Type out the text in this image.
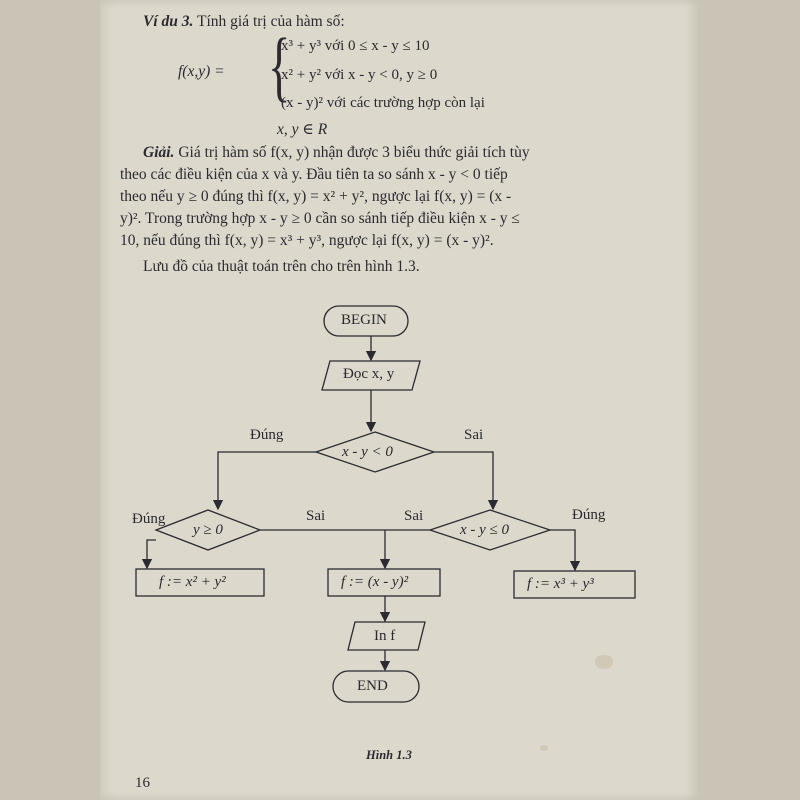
Ví du 3. Tính giá trị của hàm số:
f(x,y) = {
x³ + y³ với 0 ≤ x - y ≤ 10
x² + y² với x - y < 0, y ≥ 0
(x - y)² với các trường hợp còn lại
x, y ∈ R
Giải. Giá trị hàm số f(x, y) nhận được 3 biểu thức giải tích tùy
theo các điều kiện của x và y. Đầu tiên ta so sánh x - y < 0 tiếp
theo nếu y ≥ 0 đúng thì f(x, y) = x² + y², ngược lại f(x, y) = (x -
y)². Trong trường hợp x - y ≥ 0 cần so sánh tiếp điều kiện x - y ≤
10, nếu đúng thì f(x, y) = x³ + y³, ngược lại f(x, y) = (x - y)².
Lưu đồ của thuật toán trên cho trên hình 1.3.
BEGIN
Đọc x, y
x - y < 0
y ≥ 0	x - y ≤ 0
Đúng	Sai
Đúng	Sai	Sai	Đúng
f := x² + y²	f := (x - y)²	f := x³ + y³
In f
END
Hình 1.3
16
